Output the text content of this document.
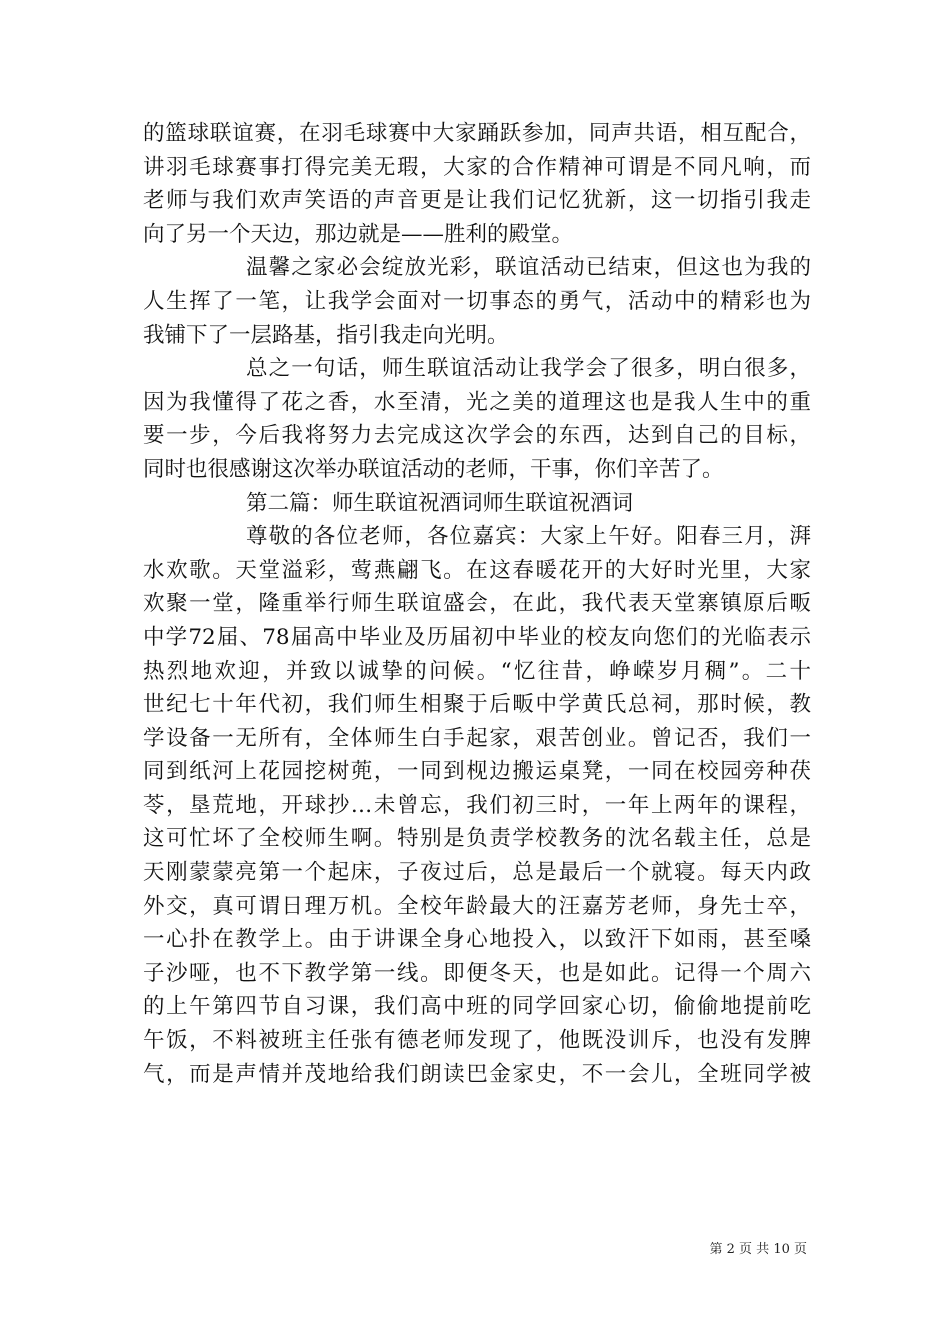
的篮球联谊赛，在羽毛球赛中大家踊跃参加，同声共语，相互配合，
讲羽毛球赛事打得完美无瑕，大家的合作精神可谓是不同凡响，而
老师与我们欢声笑语的声音更是让我们记忆犹新，这一切指引我走
向了另一个天边，那边就是——胜利的殿堂。
温馨之家必会绽放光彩，联谊活动已结束，但这也为我的
人生挥了一笔，让我学会面对一切事态的勇气，活动中的精彩也为
我铺下了一层路基，指引我走向光明。
总之一句话，师生联谊活动让我学会了很多，明白很多，
因为我懂得了花之香，水至清，光之美的道理这也是我人生中的重
要一步，今后我将努力去完成这次学会的东西，达到自己的目标，
同时也很感谢这次举办联谊活动的老师，干事，你们辛苦了。
第二篇：师生联谊祝酒词师生联谊祝酒词
尊敬的各位老师，各位嘉宾：大家上午好。阳春三月，湃
水欢歌。天堂溢彩，莺燕翩飞。在这春暖花开的大好时光里，大家
欢聚一堂，隆重举行师生联谊盛会，在此，我代表天堂寨镇原后畈
中学72届、78届高中毕业及历届初中毕业的校友向您们的光临表示
热烈地欢迎，并致以诚挚的问候。“忆往昔，峥嵘岁月稠”。二十
世纪七十年代初，我们师生相聚于后畈中学黄氏总祠，那时候，教
学设备一无所有，全体师生白手起家，艰苦创业。曾记否，我们一
同到纸河上花园挖树蔸，一同到枧边搬运桌凳，一同在校园旁种茯
苓，垦荒地，开球抄…未曾忘，我们初三时，一年上两年的课程，
这可忙坏了全校师生啊。特别是负责学校教务的沈名载主任，总是
天刚蒙蒙亮第一个起床，子夜过后，总是最后一个就寝。每天内政
外交，真可谓日理万机。全校年龄最大的汪嘉芳老师，身先士卒，
一心扑在教学上。由于讲课全身心地投入，以致汗下如雨，甚至嗓
子沙哑，也不下教学第一线。即便冬天，也是如此。记得一个周六
的上午第四节自习课，我们高中班的同学回家心切，偷偷地提前吃
午饭，不料被班主任张有德老师发现了，他既没训斥，也没有发脾
气，而是声情并茂地给我们朗读巴金家史，不一会儿，全班同学被
第 2 页 共 10 页
